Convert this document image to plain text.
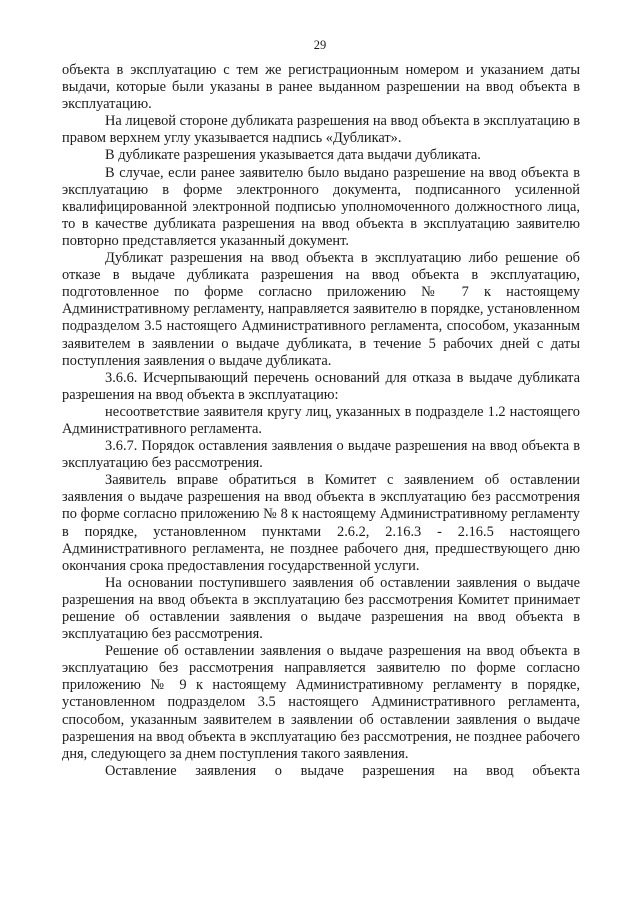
29

объекта в эксплуатацию с тем же регистрационным номером и указанием даты выдачи, которые были указаны в ранее выданном разрешении на ввод объекта в эксплуатацию.

На лицевой стороне дубликата разрешения на ввод объекта в эксплуатацию в правом верхнем углу указывается надпись «Дубликат».

В дубликате разрешения указывается дата выдачи дубликата.

В случае, если ранее заявителю было выдано разрешение на ввод объекта в эксплуатацию в форме электронного документа, подписанного усиленной квалифицированной электронной подписью уполномоченного должностного лица, то в качестве дубликата разрешения на ввод объекта в эксплуатацию заявителю повторно представляется указанный документ.

Дубликат разрешения на ввод объекта в эксплуатацию либо решение об отказе в выдаче дубликата разрешения на ввод объекта в эксплуатацию, подготовленное по форме согласно приложению № 7 к настоящему Административному регламенту, направляется заявителю в порядке, установленном подразделом 3.5 настоящего Административного регламента, способом, указанным заявителем в заявлении о выдаче дубликата, в течение 5 рабочих дней с даты поступления заявления о выдаче дубликата.

3.6.6. Исчерпывающий перечень оснований для отказа в выдаче дубликата разрешения на ввод объекта в эксплуатацию:

несоответствие заявителя кругу лиц, указанных в подразделе 1.2 настоящего Административного регламента.

3.6.7. Порядок оставления заявления о выдаче разрешения на ввод объекта в эксплуатацию без рассмотрения.

Заявитель вправе обратиться в Комитет с заявлением об оставлении заявления о выдаче разрешения на ввод объекта в эксплуатацию без рассмотрения по форме согласно приложению № 8 к настоящему Административному регламенту в порядке, установленном пунктами 2.6.2, 2.16.3 - 2.16.5 настоящего Административного регламента, не позднее рабочего дня, предшествующего дню окончания срока предоставления государственной услуги.

На основании поступившего заявления об оставлении заявления о выдаче разрешения на ввод объекта в эксплуатацию без рассмотрения Комитет принимает решение об оставлении заявления о выдаче разрешения на ввод объекта в эксплуатацию без рассмотрения.

Решение об оставлении заявления о выдаче разрешения на ввод объекта в эксплуатацию без рассмотрения направляется заявителю по форме согласно приложению № 9 к настоящему Административному регламенту в порядке, установленном подразделом 3.5 настоящего Административного регламента, способом, указанным заявителем в заявлении об оставлении заявления о выдаче разрешения на ввод объекта в эксплуатацию без рассмотрения, не позднее рабочего дня, следующего за днем поступления такого заявления.

Оставление заявления о выдаче разрешения на ввод объекта
